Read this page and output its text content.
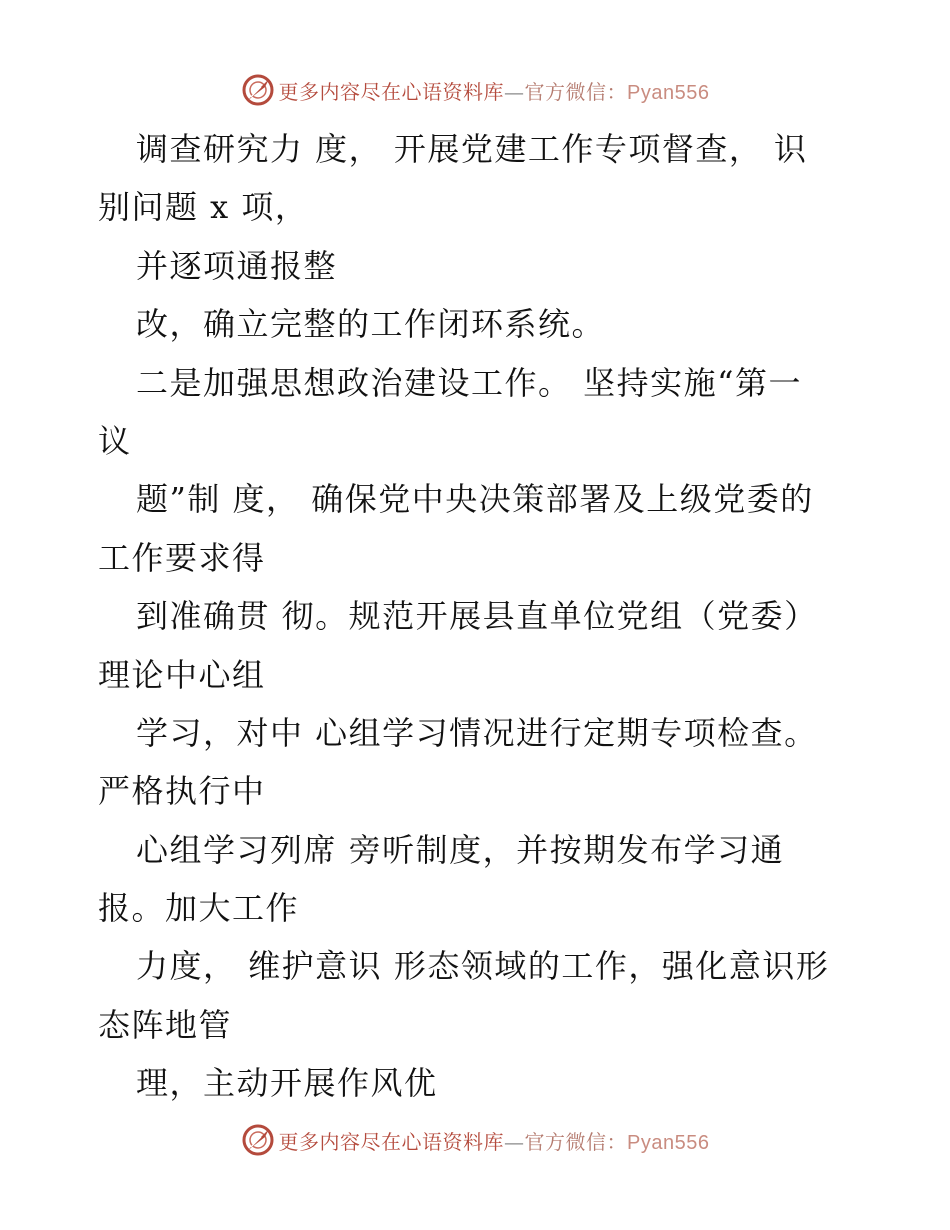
更多内容尽在心语资料库—官方微信：Pyan556
调查研究力 度， 开展党建工作专项督查， 识
别问题 x 项，
并逐项通报整
改，确立完整的工作闭环系统。
二是加强思想政治建设工作。 坚持实施“第一
议
题”制 度， 确保党中央决策部署及上级党委的
工作要求得
到准确贯 彻。规范开展县直单位党组（党委）
理论中心组
学习，对中 心组学习情况进行定期专项检查。
严格执行中
心组学习列席 旁听制度，并按期发布学习通
报。加大工作
力度， 维护意识 形态领域的工作，强化意识形
态阵地管
理，主动开展作风优
更多内容尽在心语资料库—官方微信：Pyan556
